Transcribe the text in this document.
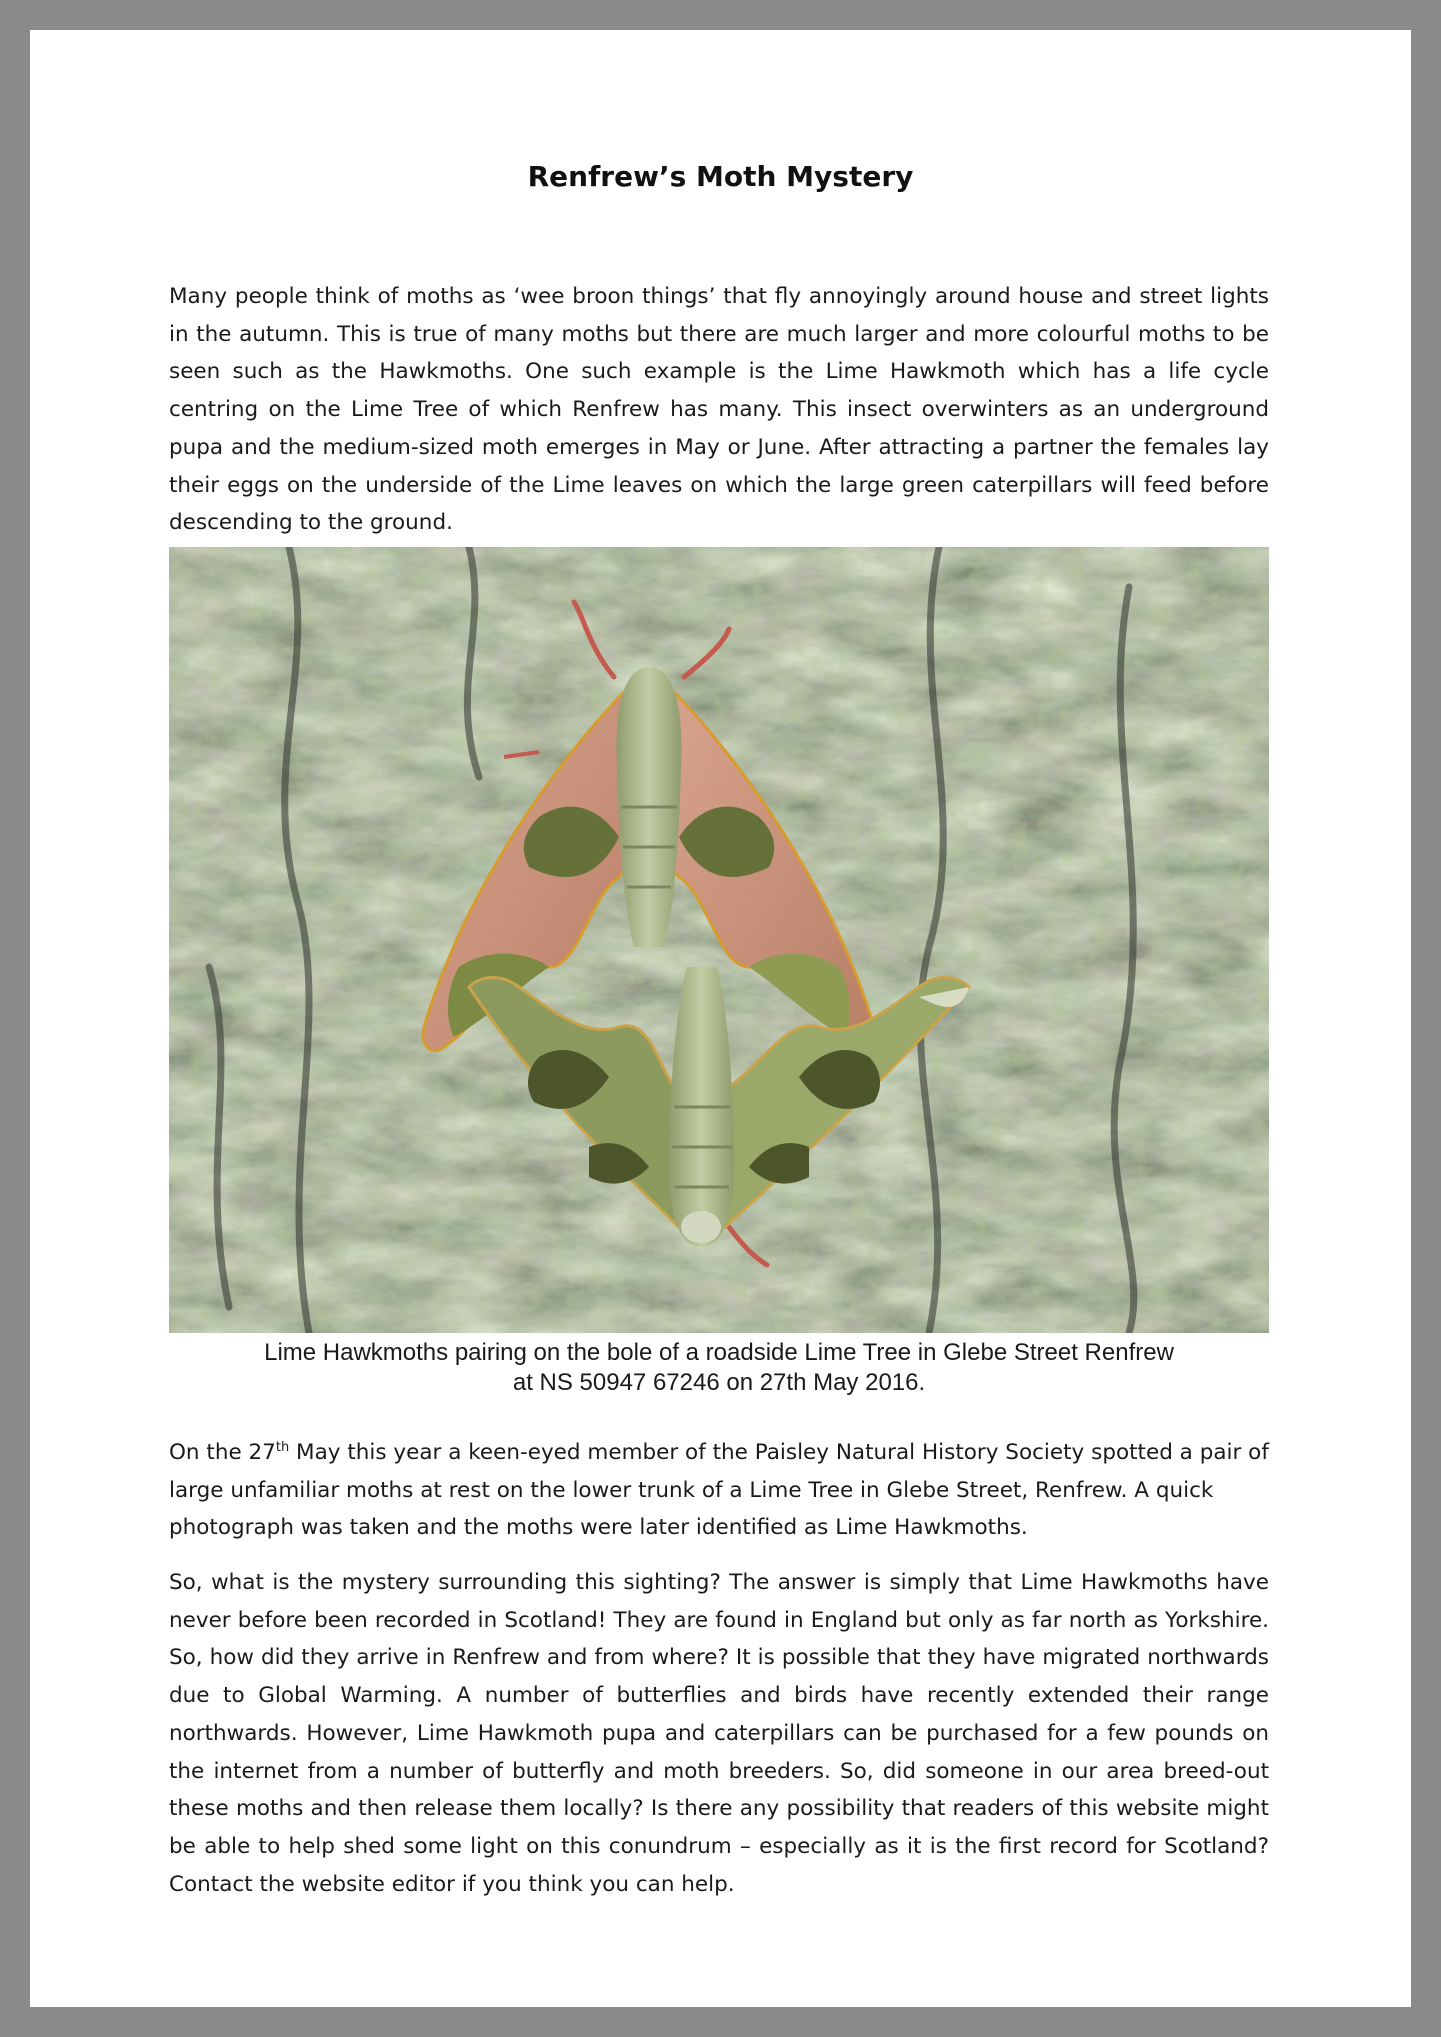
Renfrew’s Moth Mystery

Many people think of moths as ‘wee broon things’ that fly annoyingly around house and street lights in the autumn. This is true of many moths but there are much larger and more colourful moths to be seen such as the Hawkmoths. One such example is the Lime Hawkmoth which has a life cycle centring on the Lime Tree of which Renfrew has many. This insect overwinters as an underground pupa and the medium-sized moth emerges in May or June. After attracting a partner the females lay their eggs on the underside of the Lime leaves on which the large green caterpillars will feed before descending to the ground.

Lime Hawkmoths pairing on the bole of a roadside Lime Tree in Glebe Street Renfrew
at NS 50947 67246 on 27th May 2016.

On the 27th May this year a keen-eyed member of the Paisley Natural History Society spotted a pair of large unfamiliar moths at rest on the lower trunk of a Lime Tree in Glebe Street, Renfrew. A quick photograph was taken and the moths were later identified as Lime Hawkmoths.

So, what is the mystery surrounding this sighting? The answer is simply that Lime Hawkmoths have never before been recorded in Scotland! They are found in England but only as far north as Yorkshire. So, how did they arrive in Renfrew and from where? It is possible that they have migrated northwards due to Global Warming. A number of butterflies and birds have recently extended their range northwards. However, Lime Hawkmoth pupa and caterpillars can be purchased for a few pounds on the internet from a number of butterfly and moth breeders. So, did someone in our area breed-out these moths and then release them locally? Is there any possibility that readers of this website might be able to help shed some light on this conundrum – especially as it is the first record for Scotland? Contact the website editor if you think you can help.
